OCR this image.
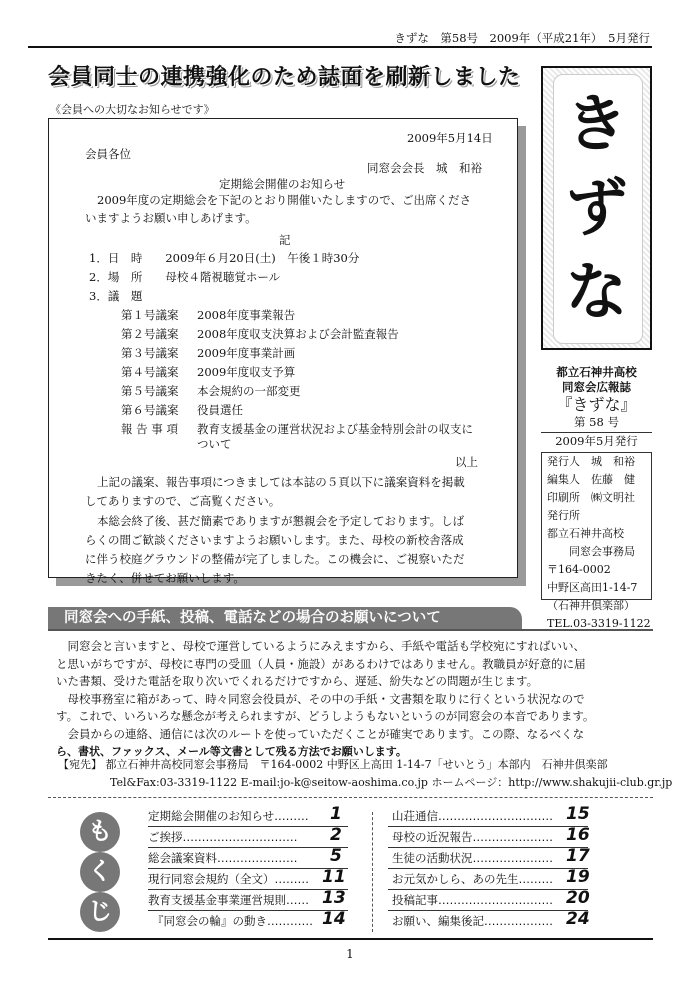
きずな　第58号　2009年（平成21年）　5月発行
会員同士の連携強化のため誌面を刷新しました
《会員への大切なお知らせです》
2009年5月14日
会員各位
同窓会会長　城　和裕
定期総会開催のお知らせ
2009年度の定期総会を下記のとおり開催いたしますので、ご出席くださ
いますようお願い申しあげます。
記
1．日　時　　2009年６月20日(土)　午後１時30分
2．場　所　　母校４階視聴覚ホール
3．議　題
第１号議案 2008年度事業報告
第２号議案 2008年度収支決算および会計監査報告
第３号議案 2009年度事業計画
第４号議案 2009年度収支予算
第５号議案 本会規約の一部変更
第６号議案 役員選任
報 告 事 項 教育支援基金の運営状況および基金特別会計の収支に
ついて
以上
上記の議案、報告事項につきましては本誌の５頁以下に議案資料を掲載
してありますので、ご高覧ください。
本総会終了後、甚だ簡素でありますが懇親会を予定しております。しば
らくの間ご歓談くださいますようお願いします。また、母校の新校舎落成
に伴う校庭グラウンドの整備が完了しました。この機会に、ご視察いただ
きたく、併せてお願いします。
き
ず
な
都立石神井高校
同窓会広報誌
『きずな』
第 58 号
2009年5月発行
発行人　城　和裕
編集人　佐藤　健
印刷所　㈱文明社
発行所
都立石神井高校
　　同窓会事務局
〒164-0002
中野区高田1-14-7
（石神井倶楽部）
TEL.03-3319-1122
同窓会への手紙、投稿、電話などの場合のお願いについて

同窓会と言いますと、母校で運営しているようにみえますから、手紙や電話も学校宛にすればいい、

と思いがちですが、母校に専門の受皿（人員・施設）があるわけではありません。教職員が好意的に届

いた書類、受けた電話を取り次いでくれるだけですから、遅延、紛失などの問題が生じます。

母校事務室に箱があって、時々同窓会役員が、その中の手紙・文書類を取りに行くという状況なので

す。これで、いろいろな懸念が考えられますが、どうしようもないというのが同窓会の本音であります。

会員からの連絡、通信には次のルートを使っていただくことが確実であります。この際、なるべくな

ら、書状、ファックス、メール等文書として残る方法でお願いします。

【宛先】 都立石神井高校同窓会事務局　〒164-0002 中野区上高田 1-14-7「せいとう」本部内　石神井倶楽部
Tel&Fax:03-3319-1122 E-mail:jo-k@seitow-aoshima.co.jp ホームページ：http://www.shakujii-club.gr.jp
も
く
じ
定期総会開催のお知らせ……… 1
ご挨拶………………………… 2
総会議案資料………………… 5
現行同窓会規約（全文）……… 11
教育支援基金事業運営規則…… 13
『同窓会の輪』の動き………… 14
山荘通信………………………… 15
母校の近況報告………………… 16
生徒の活動状況………………… 17
お元気かしら、あの先生……… 19
投稿記事………………………… 20
お願い、編集後記……………… 24
1
